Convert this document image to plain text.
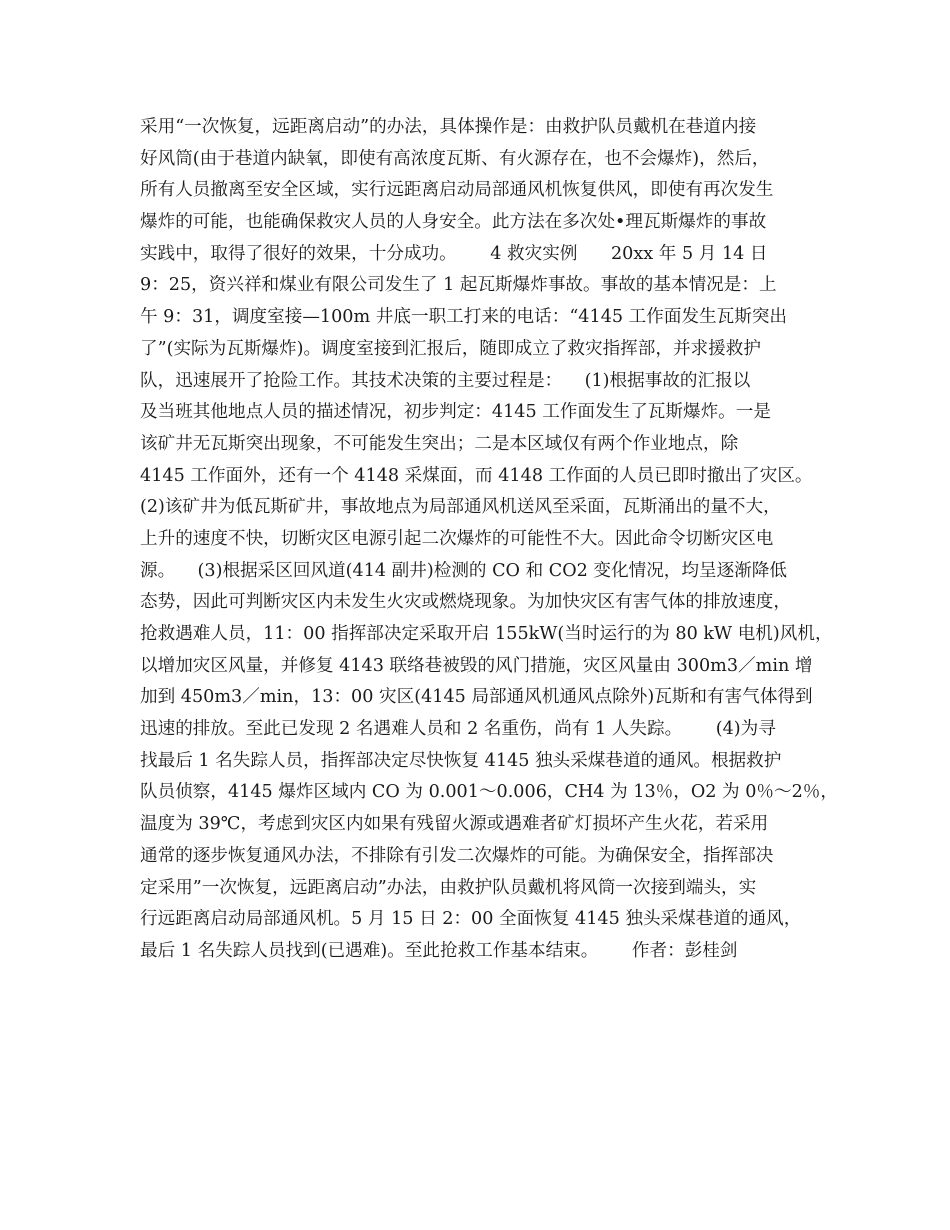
采用“一次恢复，远距离启动”的办法，具体操作是：由救护队员戴机在巷道内接
好风筒(由于巷道内缺氧，即使有高浓度瓦斯、有火源存在，也不会爆炸)，然后，
所有人员撤离至安全区域，实行远距离启动局部通风机恢复供风，即使有再次发生
爆炸的可能，也能确保救灾人员的人身安全。此方法在多次处•理瓦斯爆炸的事故
实践中，取得了很好的效果，十分成功。      4 救灾实例      20xx 年 5 月 14 日
9：25，资兴祥和煤业有限公司发生了 1 起瓦斯爆炸事故。事故的基本情况是：上
午 9：31，调度室接—100m 井底一职工打来的电话：“4145 工作面发生瓦斯突出
了”(实际为瓦斯爆炸)。调度室接到汇报后，随即成立了救灾指挥部，并求援救护
队，迅速展开了抢险工作。其技术决策的主要过程是：    (1)根据事故的汇报以
及当班其他地点人员的描述情况，初步判定：4145 工作面发生了瓦斯爆炸。一是
该矿井无瓦斯突出现象，不可能发生突出；二是本区域仅有两个作业地点，除
4145 工作面外，还有一个 4148 采煤面，而 4148 工作面的人员已即时撤出了灾区。
(2)该矿井为低瓦斯矿井，事故地点为局部通风机送风至采面，瓦斯涌出的量不大，
上升的速度不快，切断灾区电源引起二次爆炸的可能性不大。因此命令切断灾区电
源。    (3)根据采区回风道(414 副井)检测的 CO 和 CO2 变化情况，均呈逐渐降低
态势，因此可判断灾区内未发生火灾或燃烧现象。为加快灾区有害气体的排放速度，
抢救遇难人员，11：00 指挥部决定采取开启 155kW(当时运行的为 80 kW 电机)风机，
以增加灾区风量，并修复 4143 联络巷被毁的风门措施，灾区风量由 300m3／min 增
加到 450m3／min，13：00 灾区(4145 局部通风机通风点除外)瓦斯和有害气体得到
迅速的排放。至此已发现 2 名遇难人员和 2 名重伤，尚有 1 人失踪。      (4)为寻
找最后 1 名失踪人员，指挥部决定尽快恢复 4145 独头采煤巷道的通风。根据救护
队员侦察，4145 爆炸区域内 CO 为 0.001～0.006，CH4 为 13％，O2 为 0％～2％，
温度为 39℃，考虑到灾区内如果有残留火源或遇难者矿灯损坏产生火花，若采用
通常的逐步恢复通风办法，不排除有引发二次爆炸的可能。为确保安全，指挥部决
定采用”一次恢复，远距离启动”办法，由救护队员戴机将风筒一次接到端头，实
行远距离启动局部通风机。5 月 15 日 2：00 全面恢复 4145 独头采煤巷道的通风，
最后 1 名失踪人员找到(已遇难)。至此抢救工作基本结束。      作者：彭桂剑
